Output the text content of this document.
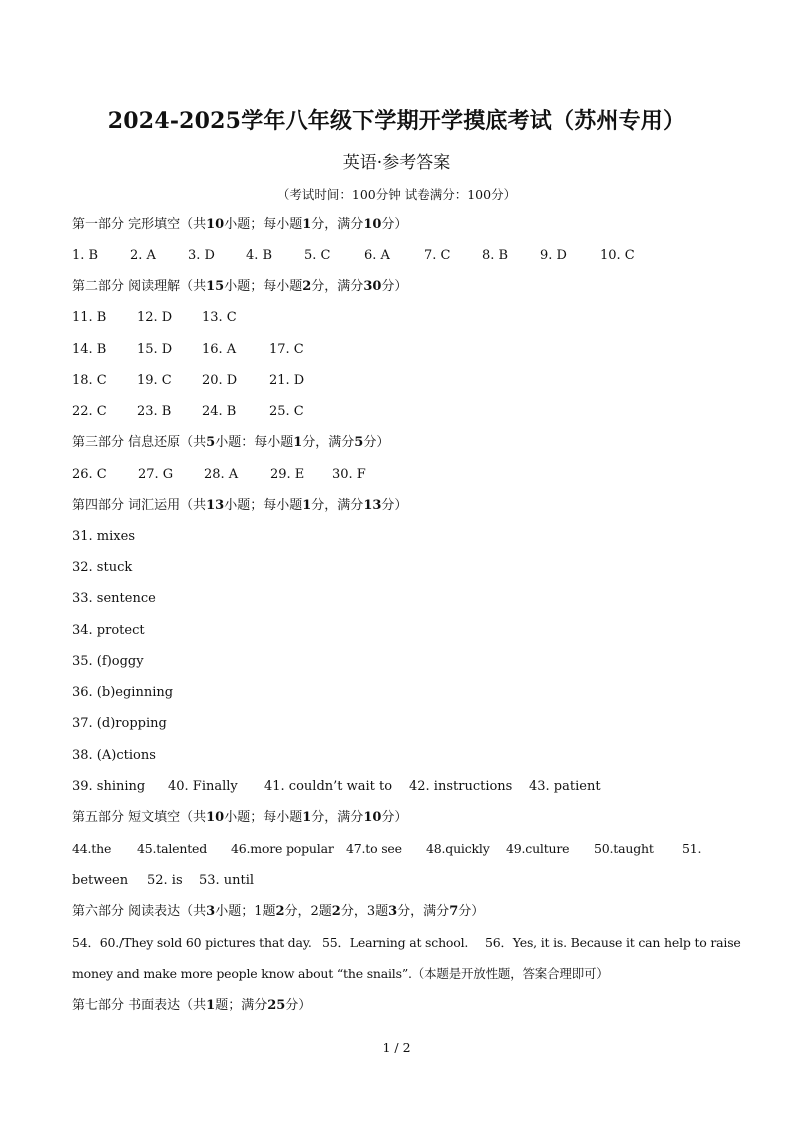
2024-2025学年八年级下学期开学摸底考试（苏州专用）
英语·参考答案
（考试时间：100分钟 试卷满分：100分）
第一部分 完形填空（共10小题；每小题1分，满分10分）
1. B 2. A 3. D 4. B 5. C	6. A	7. C 8. B 9. D	10. C
第二部分 阅读理解（共15小题；每小题2分，满分30分）
11. B 12. D 13. C
14. B 15. D 16. A	17. C
18. C 19. C 20. D 21. D
22. C 23. B 24. B	25. C
第三部分 信息还原（共5小题：每小题1分，满分5分）
26. C 27. G 28. A 29. E 30. F
第四部分 词汇运用（共13小题；每小题1分，满分13分）
31. mixes
32. stuck
33. sentence
34. protect
35. (f)oggy
36. (b)eginning
37. (d)ropping
38. (A)ctions
39. shining 40. Finally 41. couldn’t wait to 42. instructions 43. patient
第五部分 短文填空（共10小题；每小题1分，满分10分）
44.the 45.talented 46.more popular 47.to see 48.quickly 49.culture 50.taught 51.
between 52. is 53. until
第六部分 阅读表达（共3小题；1题2分，2题2分，3题3分，满分7分）
54．60./They sold 60 pictures that day. 55．Learning at school. 56．Yes, it is. Because it can help to raise
money and make more people know about “the snails”.（本题是开放性题，答案合理即可）
第七部分 书面表达（共1题；满分25分）
1 / 2
